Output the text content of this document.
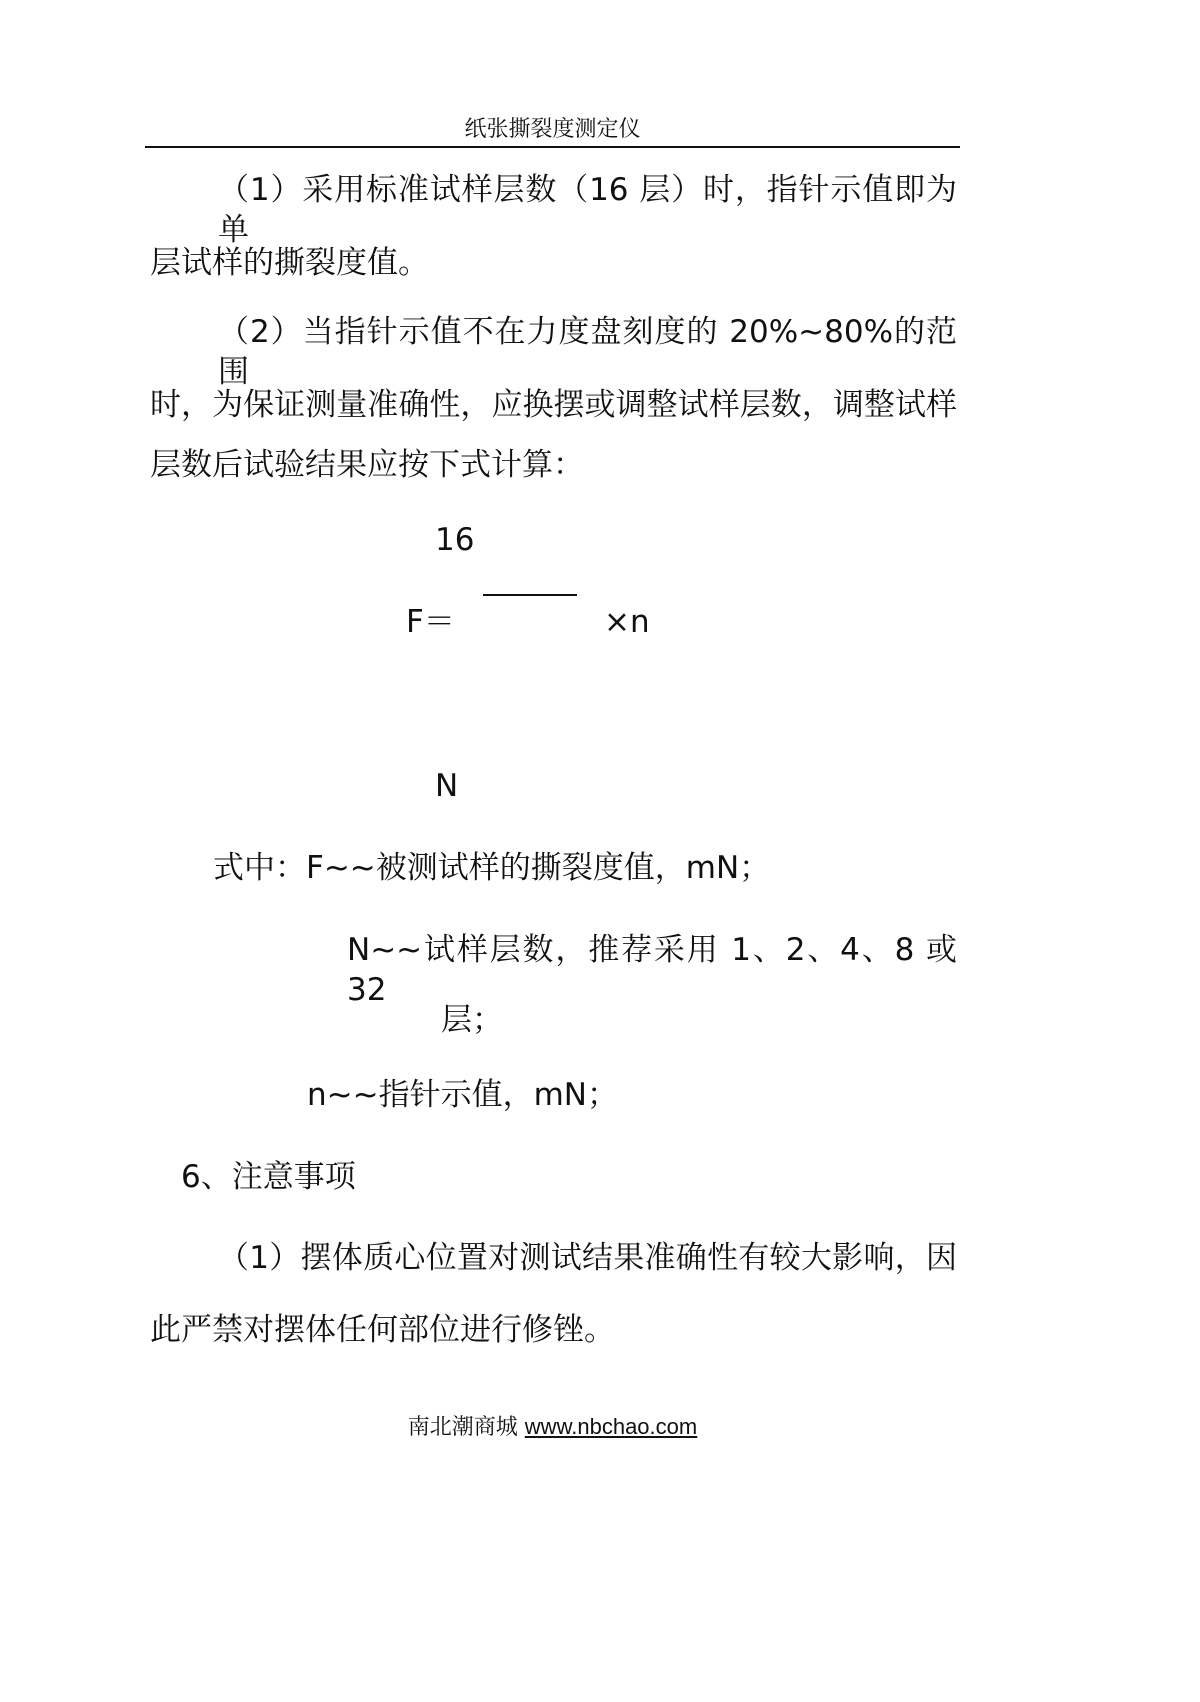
纸张撕裂度测定仪
（1）采用标准试样层数（16 层）时，指针示值即为单
层试样的撕裂度值。
（2）当指针示值不在力度盘刻度的 20%~80%的范围
时，为保证测量准确性，应换摆或调整试样层数，调整试样
层数后试验结果应按下式计算：
16
F＝	×n
N
式中：F~~被测试样的撕裂度值，mN；
N~~试样层数，推荐采用 1、2、4、8 或 32
层；
n~~指针示值，mN；
6、注意事项
（1）摆体质心位置对测试结果准确性有较大影响，因
此严禁对摆体任何部位进行修锉。
南北潮商城 www.nbchao.com
